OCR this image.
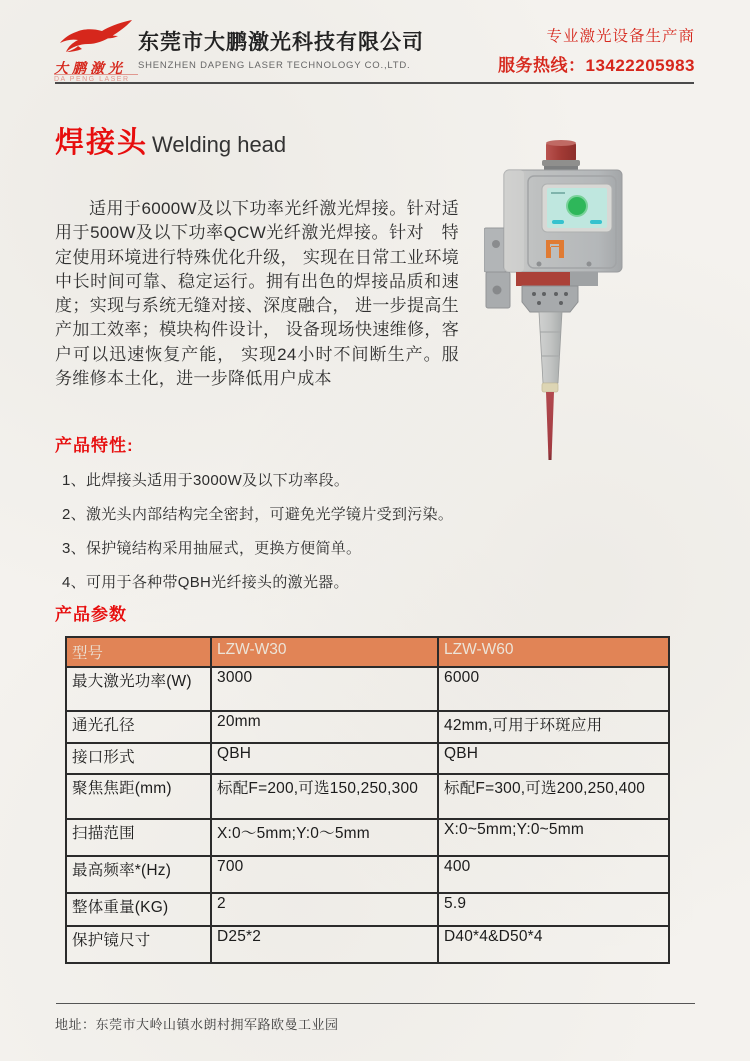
大鹏激光
DA PENG LASER
东莞市大鹏激光科技有限公司
SHENZHEN DAPENG LASER TECHNOLOGY CO.,LTD.
专业激光设备生产商
服务热线：13422205983
焊接头 Welding head
适用于6000W及以下功率光纤激光焊接。针对适用于500W及以下功率QCW光纤激光焊接。针对　特定使用环境进行特殊优化升级， 实现在日常工业环境中长时间可靠、稳定运行。拥有出色的焊接品质和速度；实现与系统无缝对接、深度融合， 进一步提高生产加工效率；模块构件设计， 设备现场快速维修，客户可以迅速恢复产能， 实现24小时不间断生产。服务维修本土化，进一步降低用户成本
产品特性:
1、此焊接头适用于3000W及以下功率段。
2、激光头内部结构完全密封，可避免光学镜片受到污染。
3、保护镜结构采用抽屉式，更换方便简单。
4、可用于各种带QBH光纤接头的激光器。
产品参数
型号	LZW-W30	LZW-W60
最大激光功率(W)	3000	6000
通光孔径	20mm	42mm,可用于环斑应用
接口形式	QBH	QBH
聚焦焦距(mm)	标配F=200,可选150,250,300	标配F=300,可选200,250,400
扫描范围	X:0～5mm;Y:0～5mm	X:0~5mm;Y:0~5mm
最高频率*(Hz)	700	400
整体重量(KG)	2	5.9
保护镜尺寸	D25*2	D40*4&D50*4
地址：东莞市大岭山镇水朗村拥军路欧曼工业园
